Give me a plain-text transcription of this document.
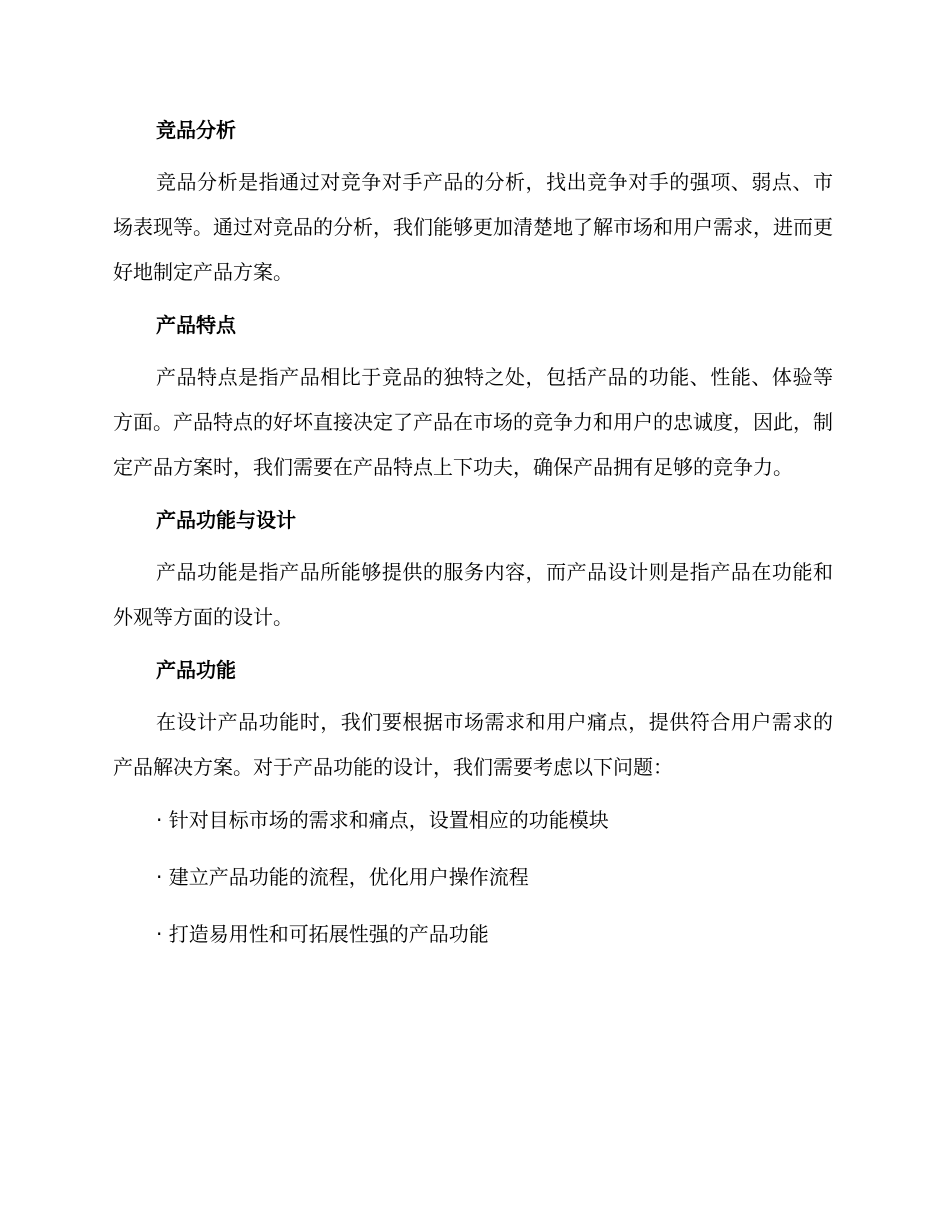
竞品分析

竞品分析是指通过对竞争对手产品的分析，找出竞争对手的强项、弱点、市场表现等。通过对竞品的分析，我们能够更加清楚地了解市场和用户需求，进而更好地制定产品方案。

产品特点

产品特点是指产品相比于竞品的独特之处，包括产品的功能、性能、体验等方面。产品特点的好坏直接决定了产品在市场的竞争力和用户的忠诚度，因此，制定产品方案时，我们需要在产品特点上下功夫，确保产品拥有足够的竞争力。

产品功能与设计

产品功能是指产品所能够提供的服务内容，而产品设计则是指产品在功能和外观等方面的设计。

产品功能

在设计产品功能时，我们要根据市场需求和用户痛点，提供符合用户需求的产品解决方案。对于产品功能的设计，我们需要考虑以下问题：

· 针对目标市场的需求和痛点，设置相应的功能模块
· 建立产品功能的流程，优化用户操作流程
· 打造易用性和可拓展性强的产品功能
